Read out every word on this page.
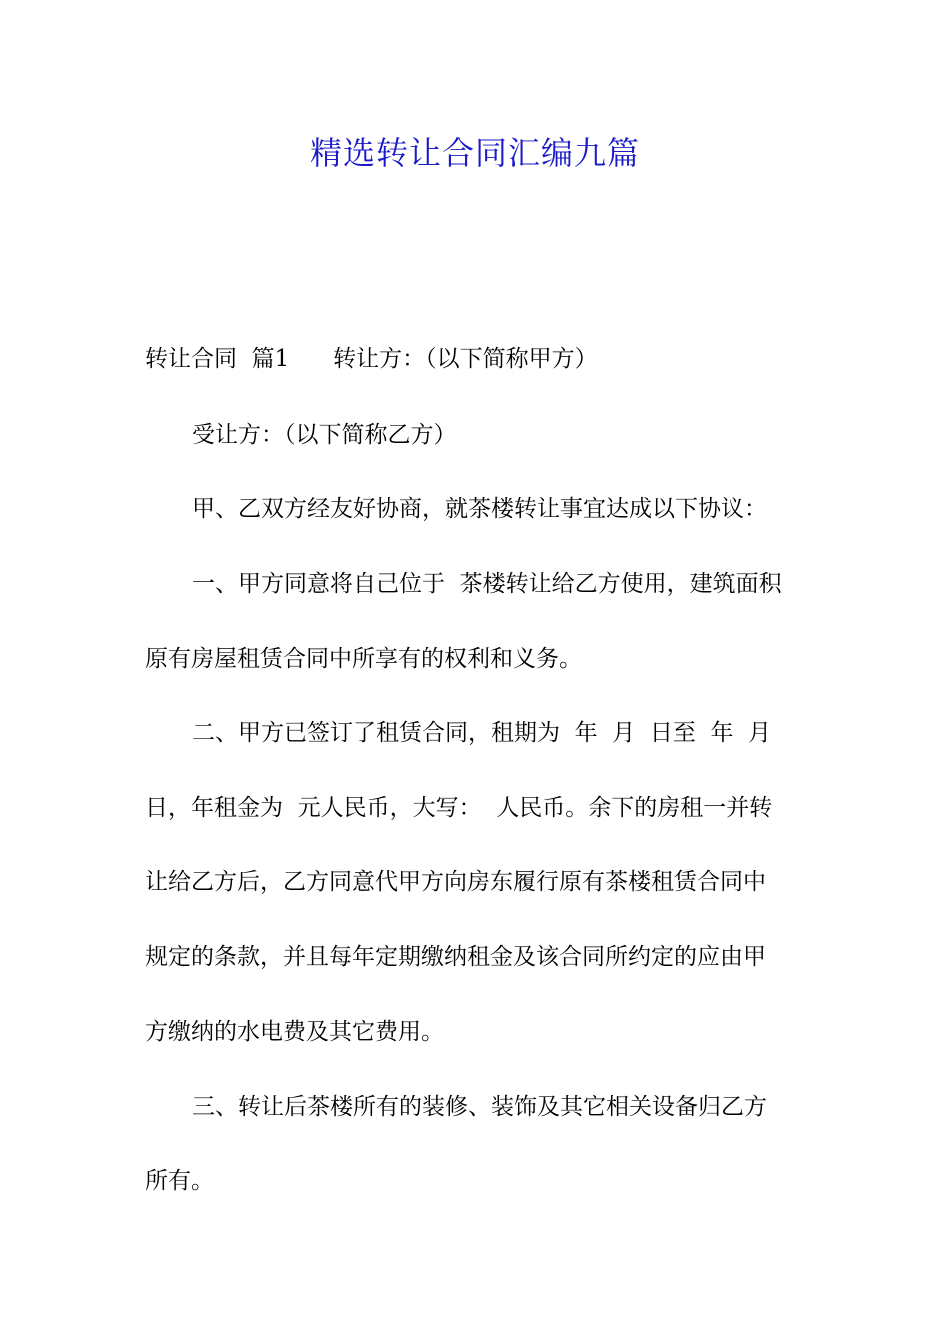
精选转让合同汇编九篇
转让合同  篇1      转让方：（以下简称甲方）
受让方：（以下简称乙方）
甲、乙双方经友好协商，就茶楼转让事宜达成以下协议：
一、甲方同意将自己位于  茶楼转让给乙方使用，建筑面积
原有房屋租赁合同中所享有的权利和义务。
二、甲方已签订了租赁合同，租期为  年  月  日至  年  月
日，年租金为  元人民币，大写：  人民币。余下的房租一并转
让给乙方后，乙方同意代甲方向房东履行原有茶楼租赁合同中
规定的条款，并且每年定期缴纳租金及该合同所约定的应由甲
方缴纳的水电费及其它费用。
三、转让后茶楼所有的装修、装饰及其它相关设备归乙方
所有。
